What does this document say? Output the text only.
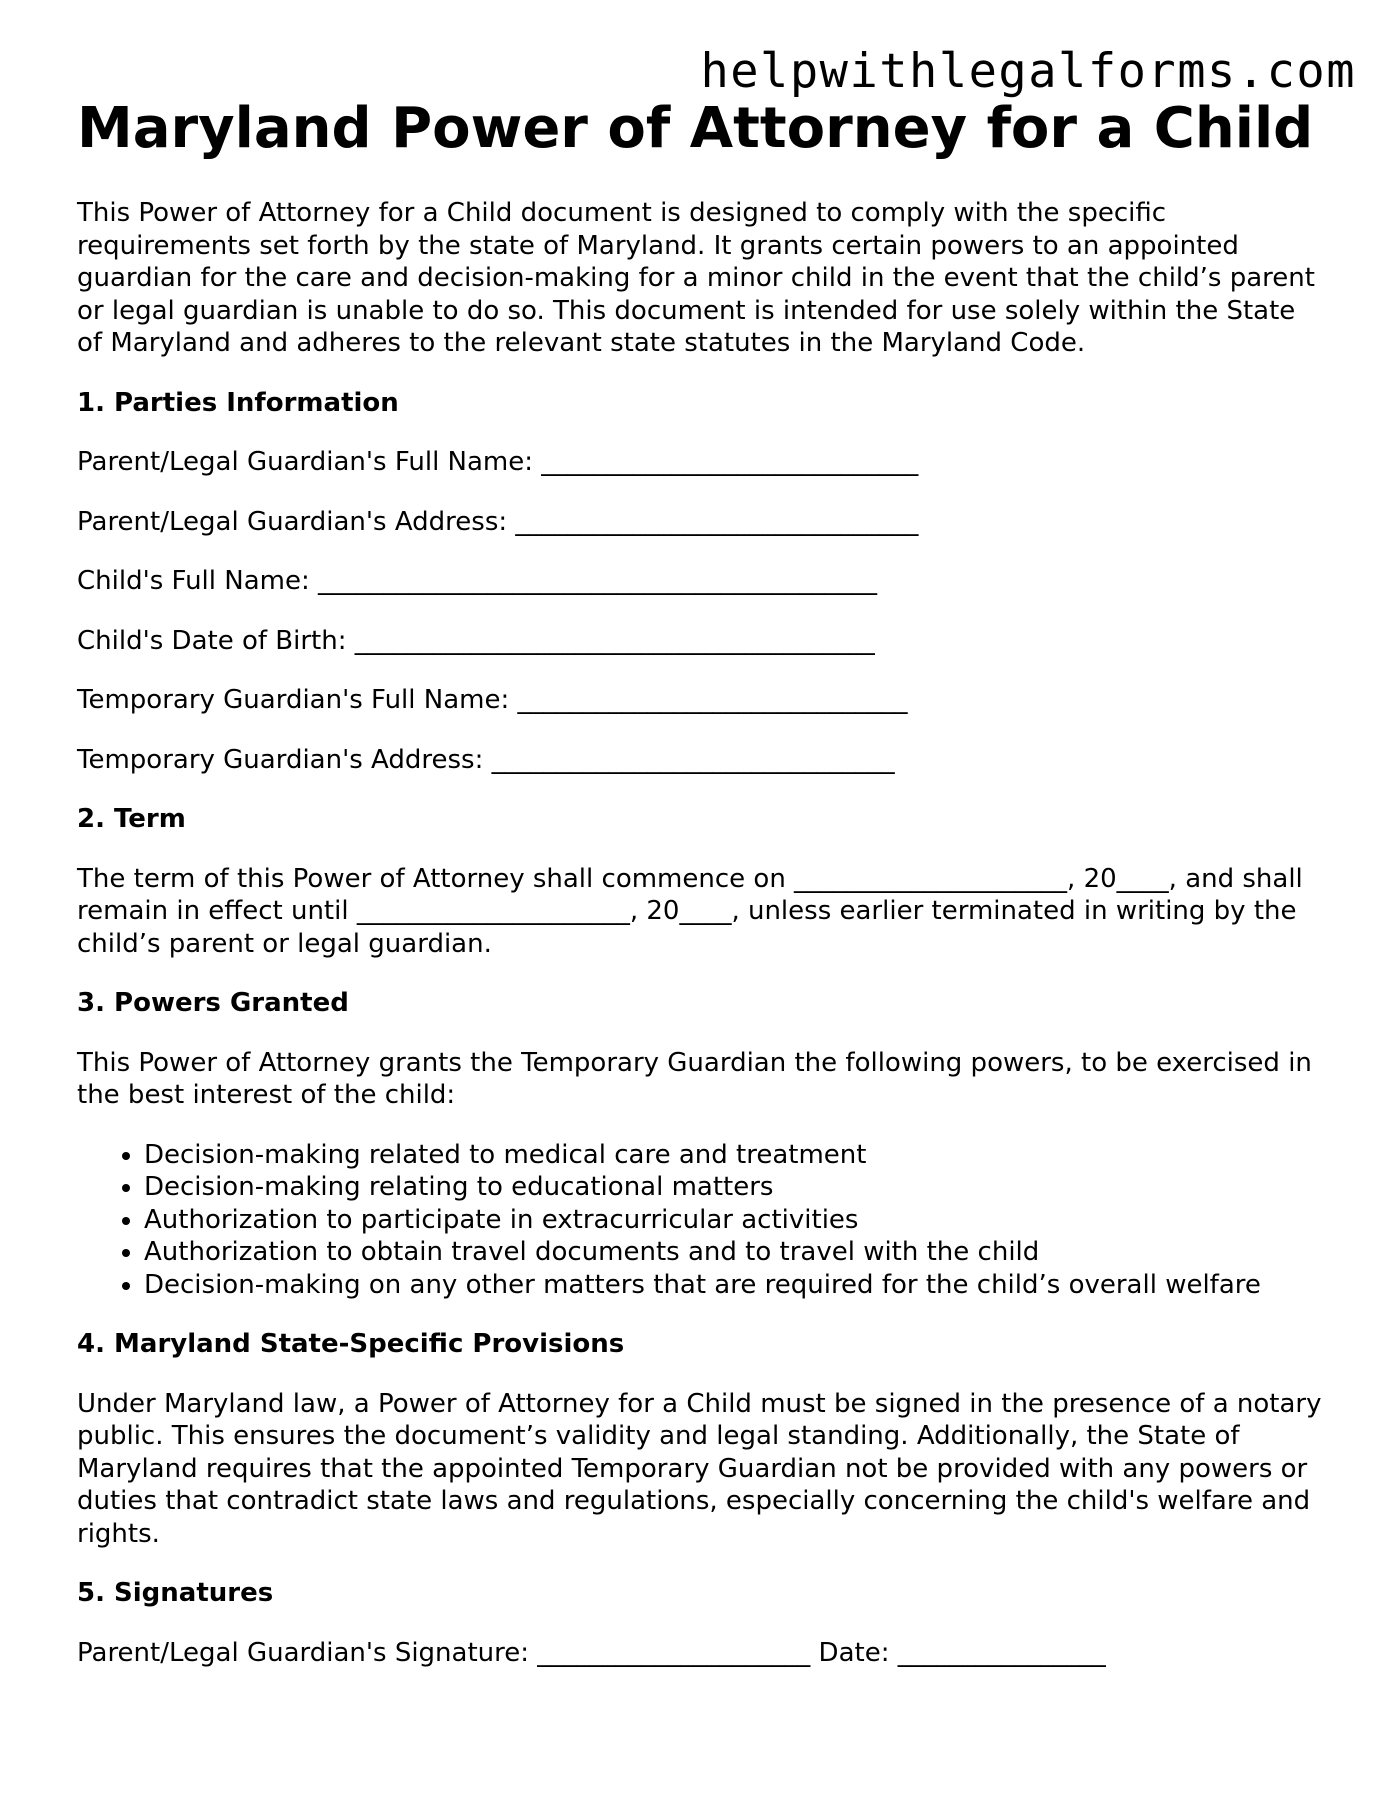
helpwithlegalforms.com
Maryland Power of Attorney for a Child

This Power of Attorney for a Child document is designed to comply with the specific requirements set forth by the state of Maryland. It grants certain powers to an appointed guardian for the care and decision-making for a minor child in the event that the child’s parent or legal guardian is unable to do so. This document is intended for use solely within the State of Maryland and adheres to the relevant state statutes in the Maryland Code.

1. Parties Information
Parent/Legal Guardian's Full Name: _____________________________
Parent/Legal Guardian's Address: _______________________________
Child's Full Name: ___________________________________________
Child's Date of Birth: ________________________________________
Temporary Guardian's Full Name: ______________________________
Temporary Guardian's Address: _______________________________
2. Term

The term of this Power of Attorney shall commence on _____________________, 20____, and shall remain in effect until _____________________, 20____, unless earlier terminated in writing by the child’s parent or legal guardian.

3. Powers Granted

This Power of Attorney grants the Temporary Guardian the following powers, to be exercised in the best interest of the child:

• Decision-making related to medical care and treatment
• Decision-making relating to educational matters
• Authorization to participate in extracurricular activities
• Authorization to obtain travel documents and to travel with the child
• Decision-making on any other matters that are required for the child’s overall welfare
4. Maryland State-Specific Provisions

Under Maryland law, a Power of Attorney for a Child must be signed in the presence of a notary public. This ensures the document’s validity and legal standing. Additionally, the State of Maryland requires that the appointed Temporary Guardian not be provided with any powers or duties that contradict state laws and regulations, especially concerning the child's welfare and rights.

5. Signatures
Parent/Legal Guardian's Signature: _____________________ Date: ________________
